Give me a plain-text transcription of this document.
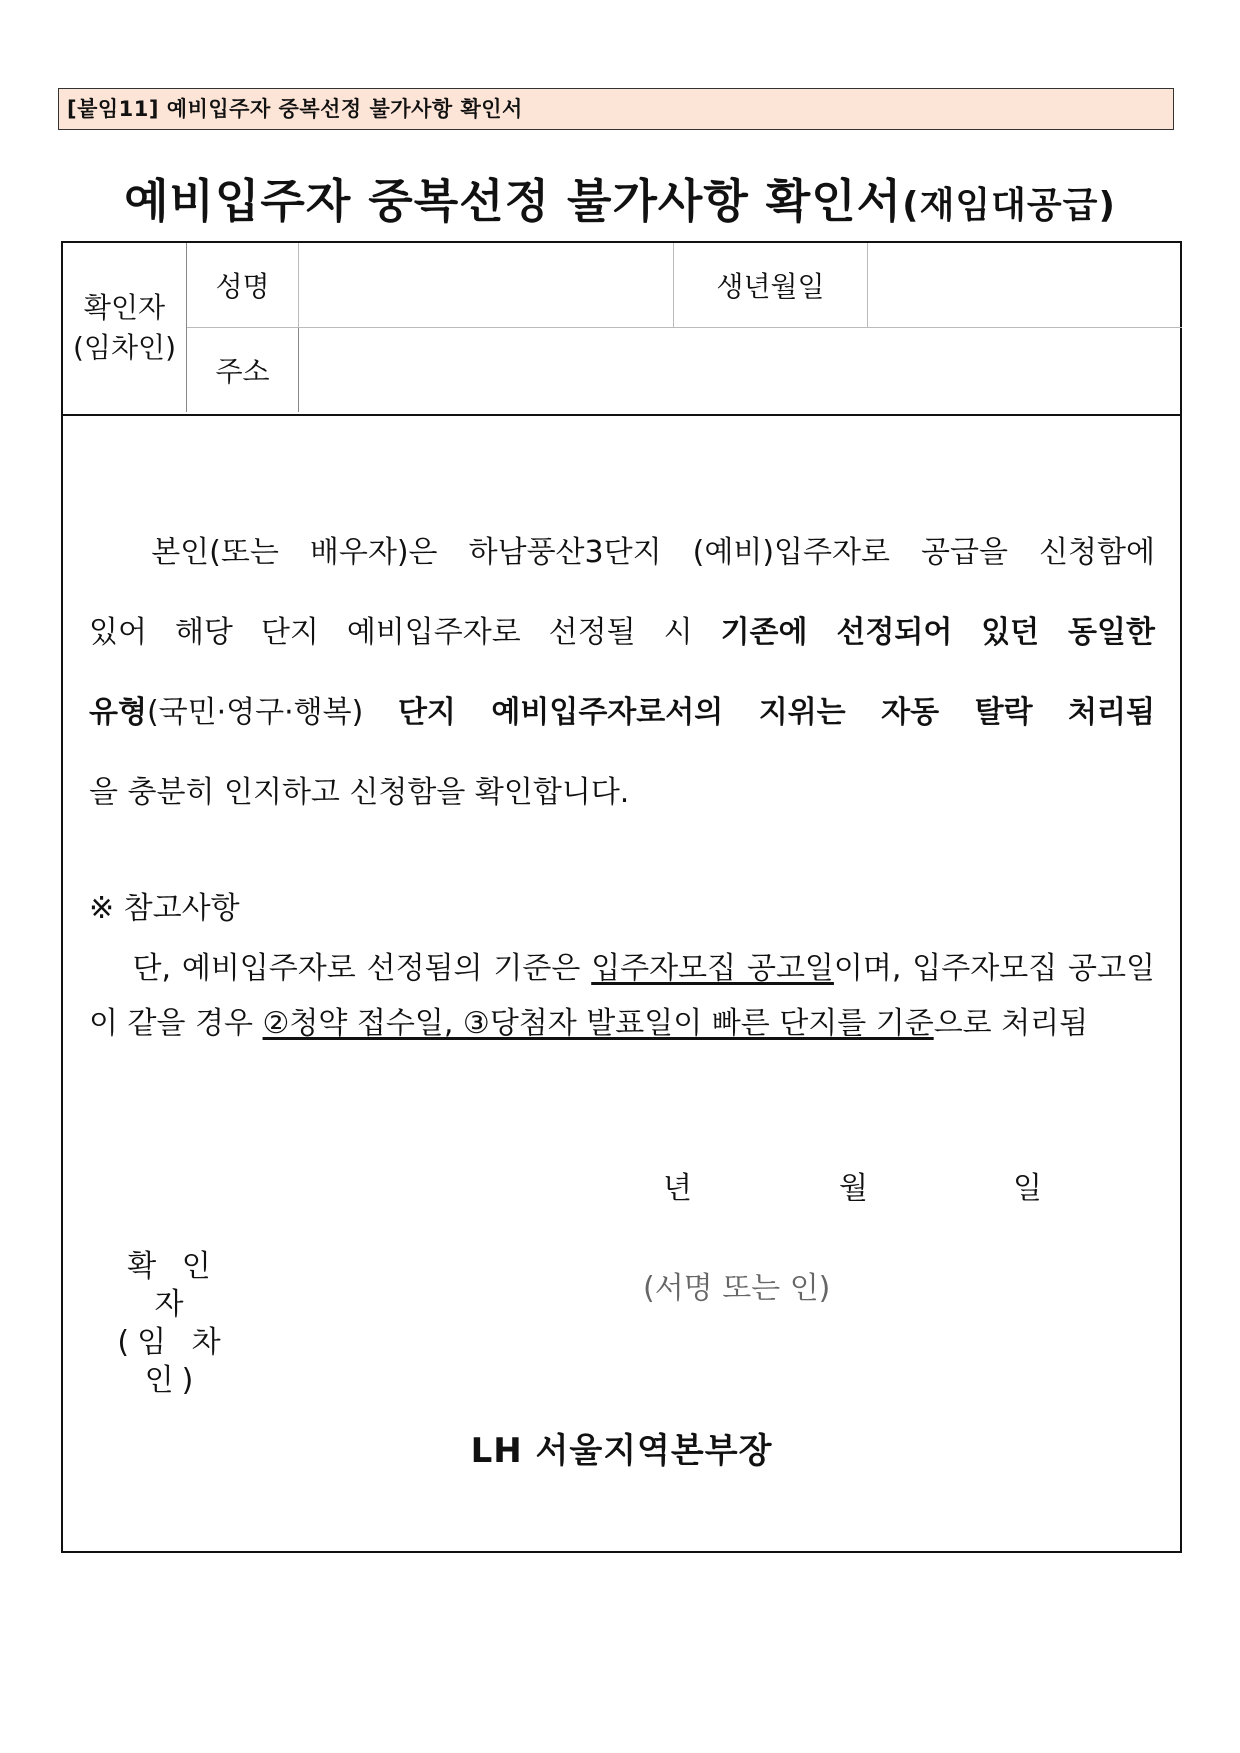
[붙임11] 예비입주자 중복선정 불가사항 확인서
예비입주자 중복선정 불가사항 확인서(재임대공급)
확인자
(임차인)
성명	생년월일
주소
본인(또는 배우자)은 하남풍산3단지 (예비)입주자로 공급을 신청함에
있어 해당 단지 예비입주자로 선정될 시 기존에 선정되어 있던 동일한
유형(국민·영구·행복) 단지 예비입주자로서의 지위는 자동 탈락 처리됨
을 충분히 인지하고 신청함을 확인합니다.
※ 참고사항
단, 예비입주자로 선정됨의 기준은 입주자모집 공고일이며, 입주자모집 공고일
이 같을 경우 ②청약 접수일, ③당첨자 발표일이 빠른 단지를 기준으로 처리됨
년	월	일
확 인 자
(임 차 인)
(서명 또는 인)
LH 서울지역본부장
